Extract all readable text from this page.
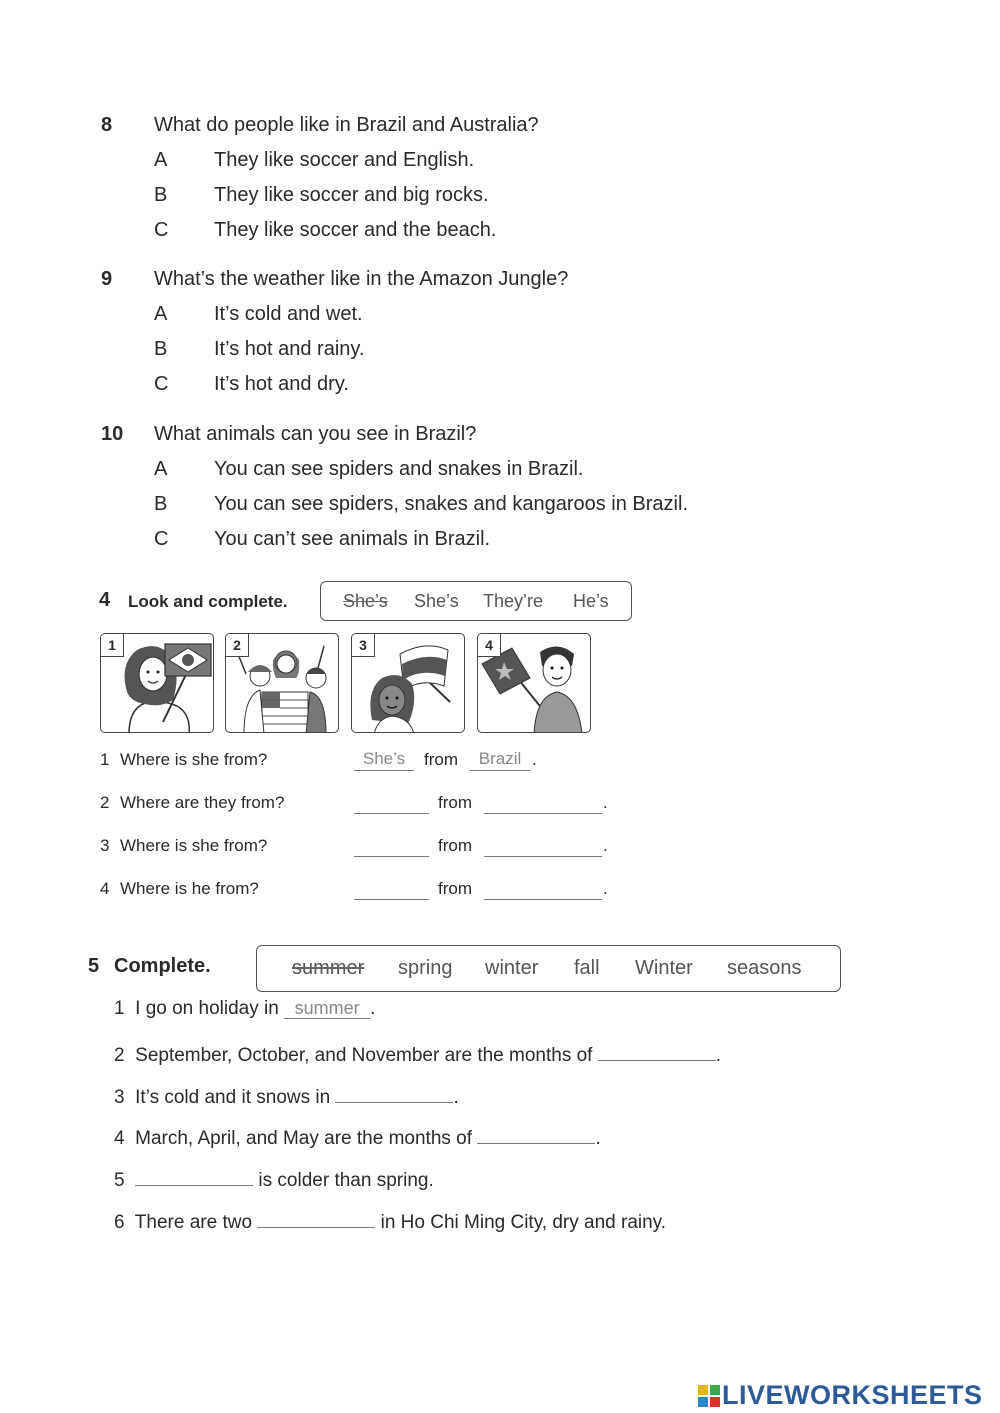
8 What do people like in Brazil and Australia?
A They like soccer and English.
B They like soccer and big rocks.
C They like soccer and the beach.
9 What’s the weather like in the Amazon Jungle?
A It’s cold and wet.
B It’s hot and rainy.
C It’s hot and dry.
10 What animals can you see in Brazil?
A You can see spiders and snakes in Brazil.
B You can see spiders, snakes and kangaroos in Brazil.
C You can’t see animals in Brazil.
4 Look and complete.	She’s She’s They’re He’s
1	2	3	4
1 Where is she from?	She’s	from	Brazil .
2 Where are they from?	from	.
3 Where is she from?	from	.
4 Where is he from?	from	.
5 Complete.	summer spring winter fall Winter seasons
1 I go on holiday in summer .
2 September, October, and November are the months of	.
3 It’s cold and it snows in	.
4 March, April, and May are the months of	.
5	is colder than spring.
6 There are two	in Ho Chi Ming City, dry and rainy.
LIVEWORKSHEETS
